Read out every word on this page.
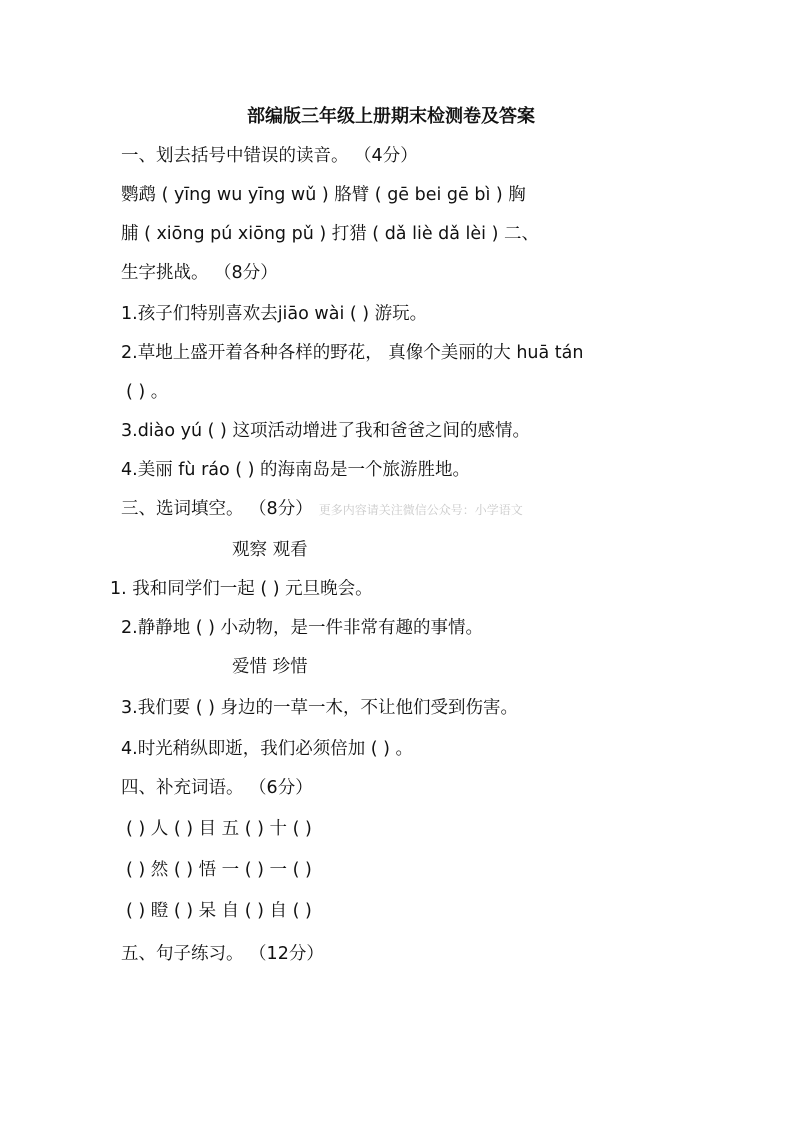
部编版三年级上册期末检测卷及答案
一、划去括号中错误的读音。 （4分）
鹦鹉 ( yīng wu yīng wǔ ) 胳臂 ( gē bei gē bì ) 胸
脯 ( xiōng pú xiōng pǔ ) 打猎 ( dǎ liè dǎ lèi ) 二、
生字挑战。 （8分）
1.孩子们特别喜欢去jiāo wài ( ) 游玩。
2.草地上盛开着各种各样的野花， 真像个美丽的大 huā tán
( ) 。
3.diào yú ( ) 这项活动增进了我和爸爸之间的感情。
4.美丽 fù ráo ( ) 的海南岛是一个旅游胜地。
三、选词填空。 （8分） 更多内容请关注微信公众号：小学语文
观察 观看
1. 我和同学们一起 ( ) 元旦晚会。
2.静静地 ( ) 小动物，是一件非常有趣的事情。
爱惜 珍惜
3.我们要 ( ) 身边的一草一木，不让他们受到伤害。
4.时光稍纵即逝，我们必须倍加 ( ) 。
四、补充词语。 （6分）
( ) 人 ( ) 目 五 ( ) 十 ( )
( ) 然 ( ) 悟 一 ( ) 一 ( )
( ) 瞪 ( ) 呆 自 ( ) 自 ( )
五、句子练习。 （12分）
